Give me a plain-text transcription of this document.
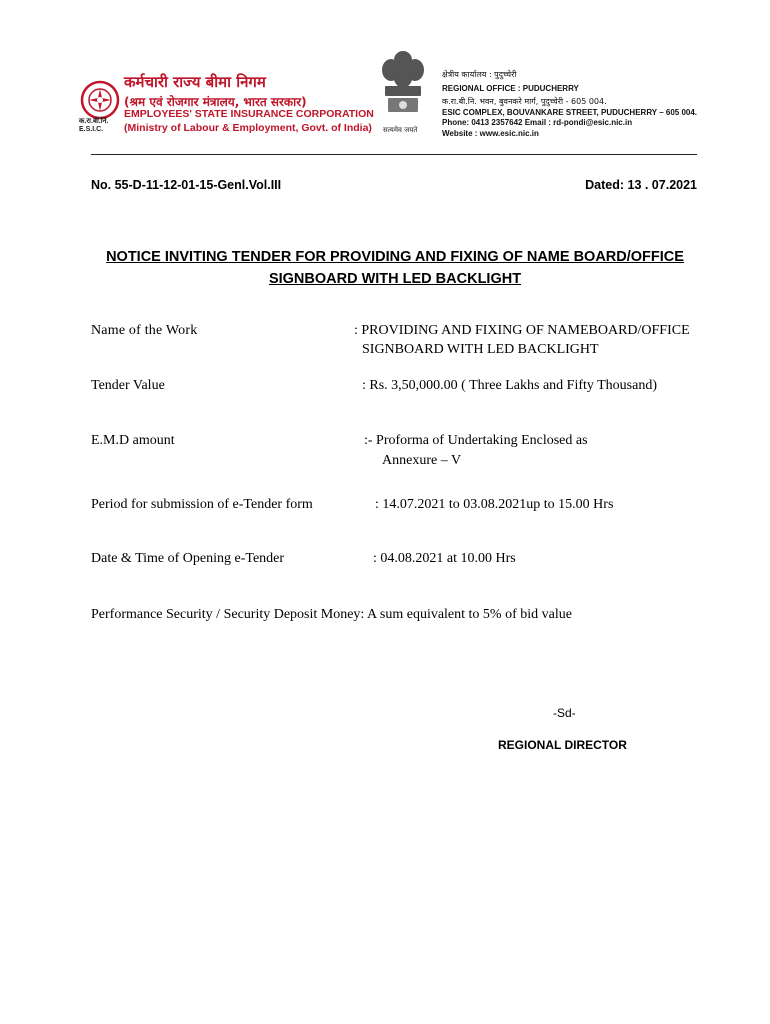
क.रा.बी.नि.
E.S.I.C.
कर्मचारी राज्य बीमा निगम
(श्रम एवं रोजगार मंत्रालय, भारत सरकार)
EMPLOYEES' STATE INSURANCE CORPORATION
(Ministry of Labour & Employment, Govt. of India) सत्यमेव जयते
क्षेत्रीय कार्यालय : पुदुच्चेरी
REGIONAL OFFICE : PUDUCHERRY
क.रा.बी.नि. भवन, बुवनकरे मार्ग, पुदुच्चेरी - 605 004.
ESIC COMPLEX, BOUVANKARE STREET, PUDUCHERRY – 605 004.
Phone: 0413 2357642 Email : rd-pondi@esic.nic.in
Website : www.esic.nic.in
No. 55-D-11-12-01-15-Genl.Vol.III	Dated: 13 . 07.2021
NOTICE INVITING TENDER FOR PROVIDING AND FIXING OF NAME BOARD/OFFICE
SIGNBOARD WITH LED BACKLIGHT
Name of the Work	: PROVIDING AND FIXING OF NAMEBOARD/OFFICE
SIGNBOARD WITH LED BACKLIGHT
Tender Value	: Rs. 3,50,000.00 ( Three Lakhs and Fifty Thousand)
E.M.D amount	:- Proforma of Undertaking Enclosed as
Annexure – V
Period for submission of e-Tender form	: 14.07.2021 to 03.08.2021up to 15.00 Hrs
Date & Time of Opening e-Tender	: 04.08.2021 at 10.00 Hrs
Performance Security / Security Deposit Money: A sum equivalent to 5% of bid value
-Sd-
REGIONAL DIRECTOR
